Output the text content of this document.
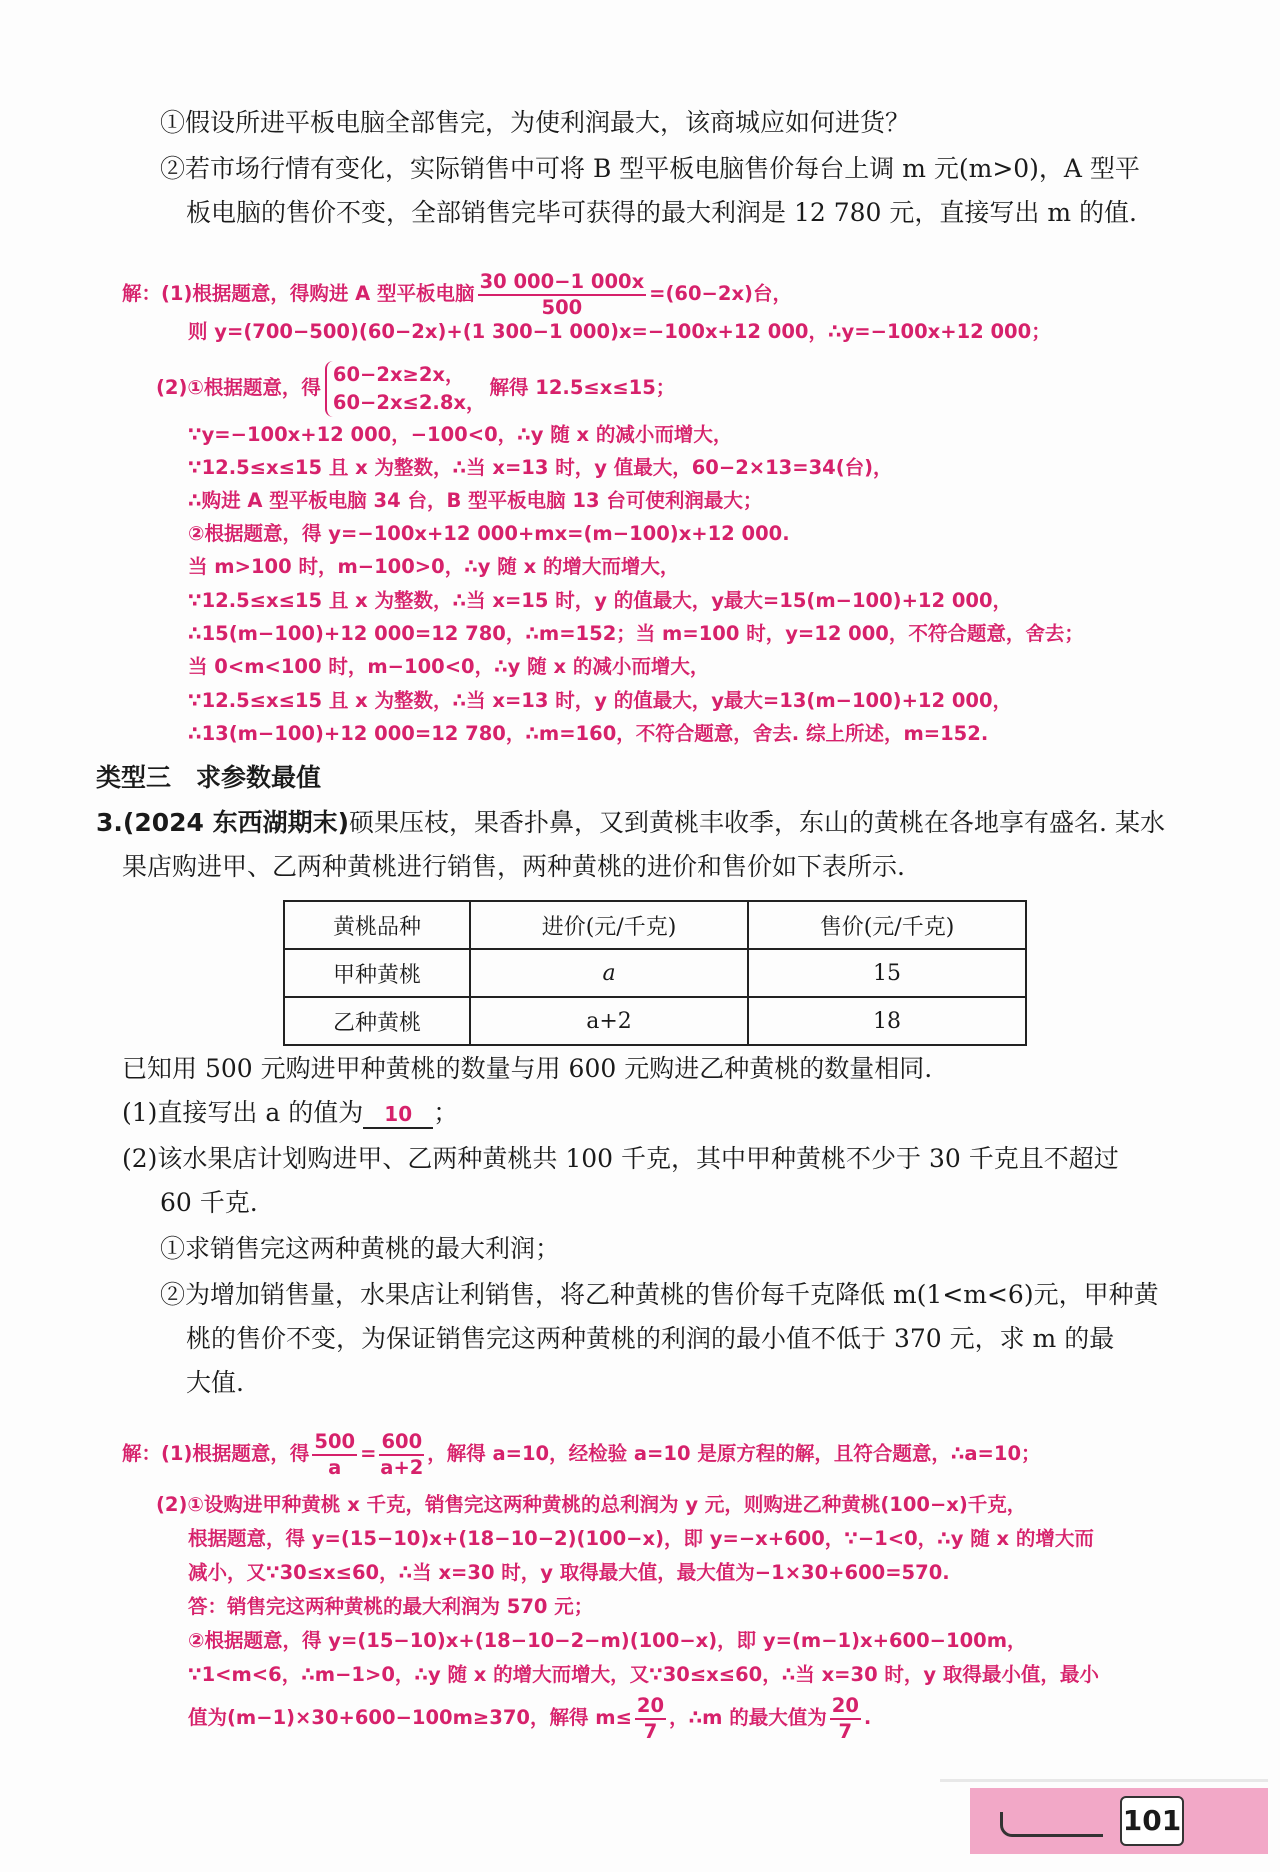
①假设所进平板电脑全部售完，为使利润最大，该商城应如何进货？
②若市场行情有变化，实际销售中可将 B 型平板电脑售价每台上调 m 元(m>0)，A 型平
板电脑的售价不变，全部销售完毕可获得的最大利润是 12 780 元，直接写出 m 的值.
解：(1)根据题意，得购进 A 型平板电脑 $\frac{30 000-1 000x}{500} =(60-2x)$台，
则 y=(700−500)(60−2x)+(1 300−1 000)x=−100x+12 000，∴y=−100x+12 000；
(2)①根据题意，得
60−2x≥2x，
60−2x≤2.8x，
解得 12.5≤x≤15；
∵y=−100x+12 000，−100<0，∴y 随 x 的减小而增大，
∵12.5≤x≤15 且 x 为整数，∴当 x=13 时，y 值最大，60−2×13=34(台)，
∴购进 A 型平板电脑 34 台，B 型平板电脑 13 台可使利润最大；
②根据题意，得 y=−100x+12 000+mx=(m−100)x+12 000.
当 m>100 时，m−100>0，∴y 随 x 的增大而增大，
∵12.5≤x≤15 且 x 为整数，∴当 x=15 时，y 的值最大，y最大=15(m−100)+12 000，
∴15(m−100)+12 000=12 780，∴m=152；当 m=100 时，y=12 000，不符合题意，舍去；
当 0<m<100 时，m−100<0，∴y 随 x 的减小而增大，
∵12.5≤x≤15 且 x 为整数，∴当 x=13 时，y 的值最大，y最大=13(m−100)+12 000，
∴13(m−100)+12 000=12 780，∴m=160，不符合题意，舍去. 综上所述，m=152.
类型三　求参数最值
3.(2024 东西湖期末)硕果压枝，果香扑鼻，又到黄桃丰收季，东山的黄桃在各地享有盛名. 某水
果店购进甲、乙两种黄桃进行销售，两种黄桃的进价和售价如下表所示.
黄桃品种	进价(元/千克)	售价(元/千克)
甲种黄桃	a	15
乙种黄桃	a+2	18
已知用 500 元购进甲种黄桃的数量与用 600 元购进乙种黄桃的数量相同.
(1)直接写出 a 的值为 10 ；
(2)该水果店计划购进甲、乙两种黄桃共 100 千克，其中甲种黄桃不少于 30 千克且不超过
60 千克.
①求销售完这两种黄桃的最大利润；
②为增加销售量，水果店让利销售，将乙种黄桃的售价每千克降低 m(1<m<6)元，甲种黄
桃的售价不变，为保证销售完这两种黄桃的利润的最小值不低于 370 元，求 m 的最
大值.
解：(1)根据题意，得 $\frac{500}{a} = \frac{600}{a+2}$ ，解得 a=10，经检验 a=10 是原方程的解，且符合题意，∴a=10；
(2)①设购进甲种黄桃 x 千克，销售完这两种黄桃的总利润为 y 元，则购进乙种黄桃(100−x)千克，
根据题意，得 y=(15−10)x+(18−10−2)(100−x)，即 y=−x+600，∵−1<0，∴y 随 x 的增大而
减小，又∵30≤x≤60，∴当 x=30 时，y 取得最大值，最大值为−1×30+600=570.
答：销售完这两种黄桃的最大利润为 570 元；
②根据题意，得 y=(15−10)x+(18−10−2−m)(100−x)，即 y=(m−1)x+600−100m，
∵1<m<6，∴m−1>0，∴y 随 x 的增大而增大，又∵30≤x≤60，∴当 x=30 时，y 取得最小值，最小
值为(m−1)×30+600−100m≥370，解得 $m\le \frac{20}{7}$ ，∴m 的最大值为 $\frac{20}{7}$ .
101
